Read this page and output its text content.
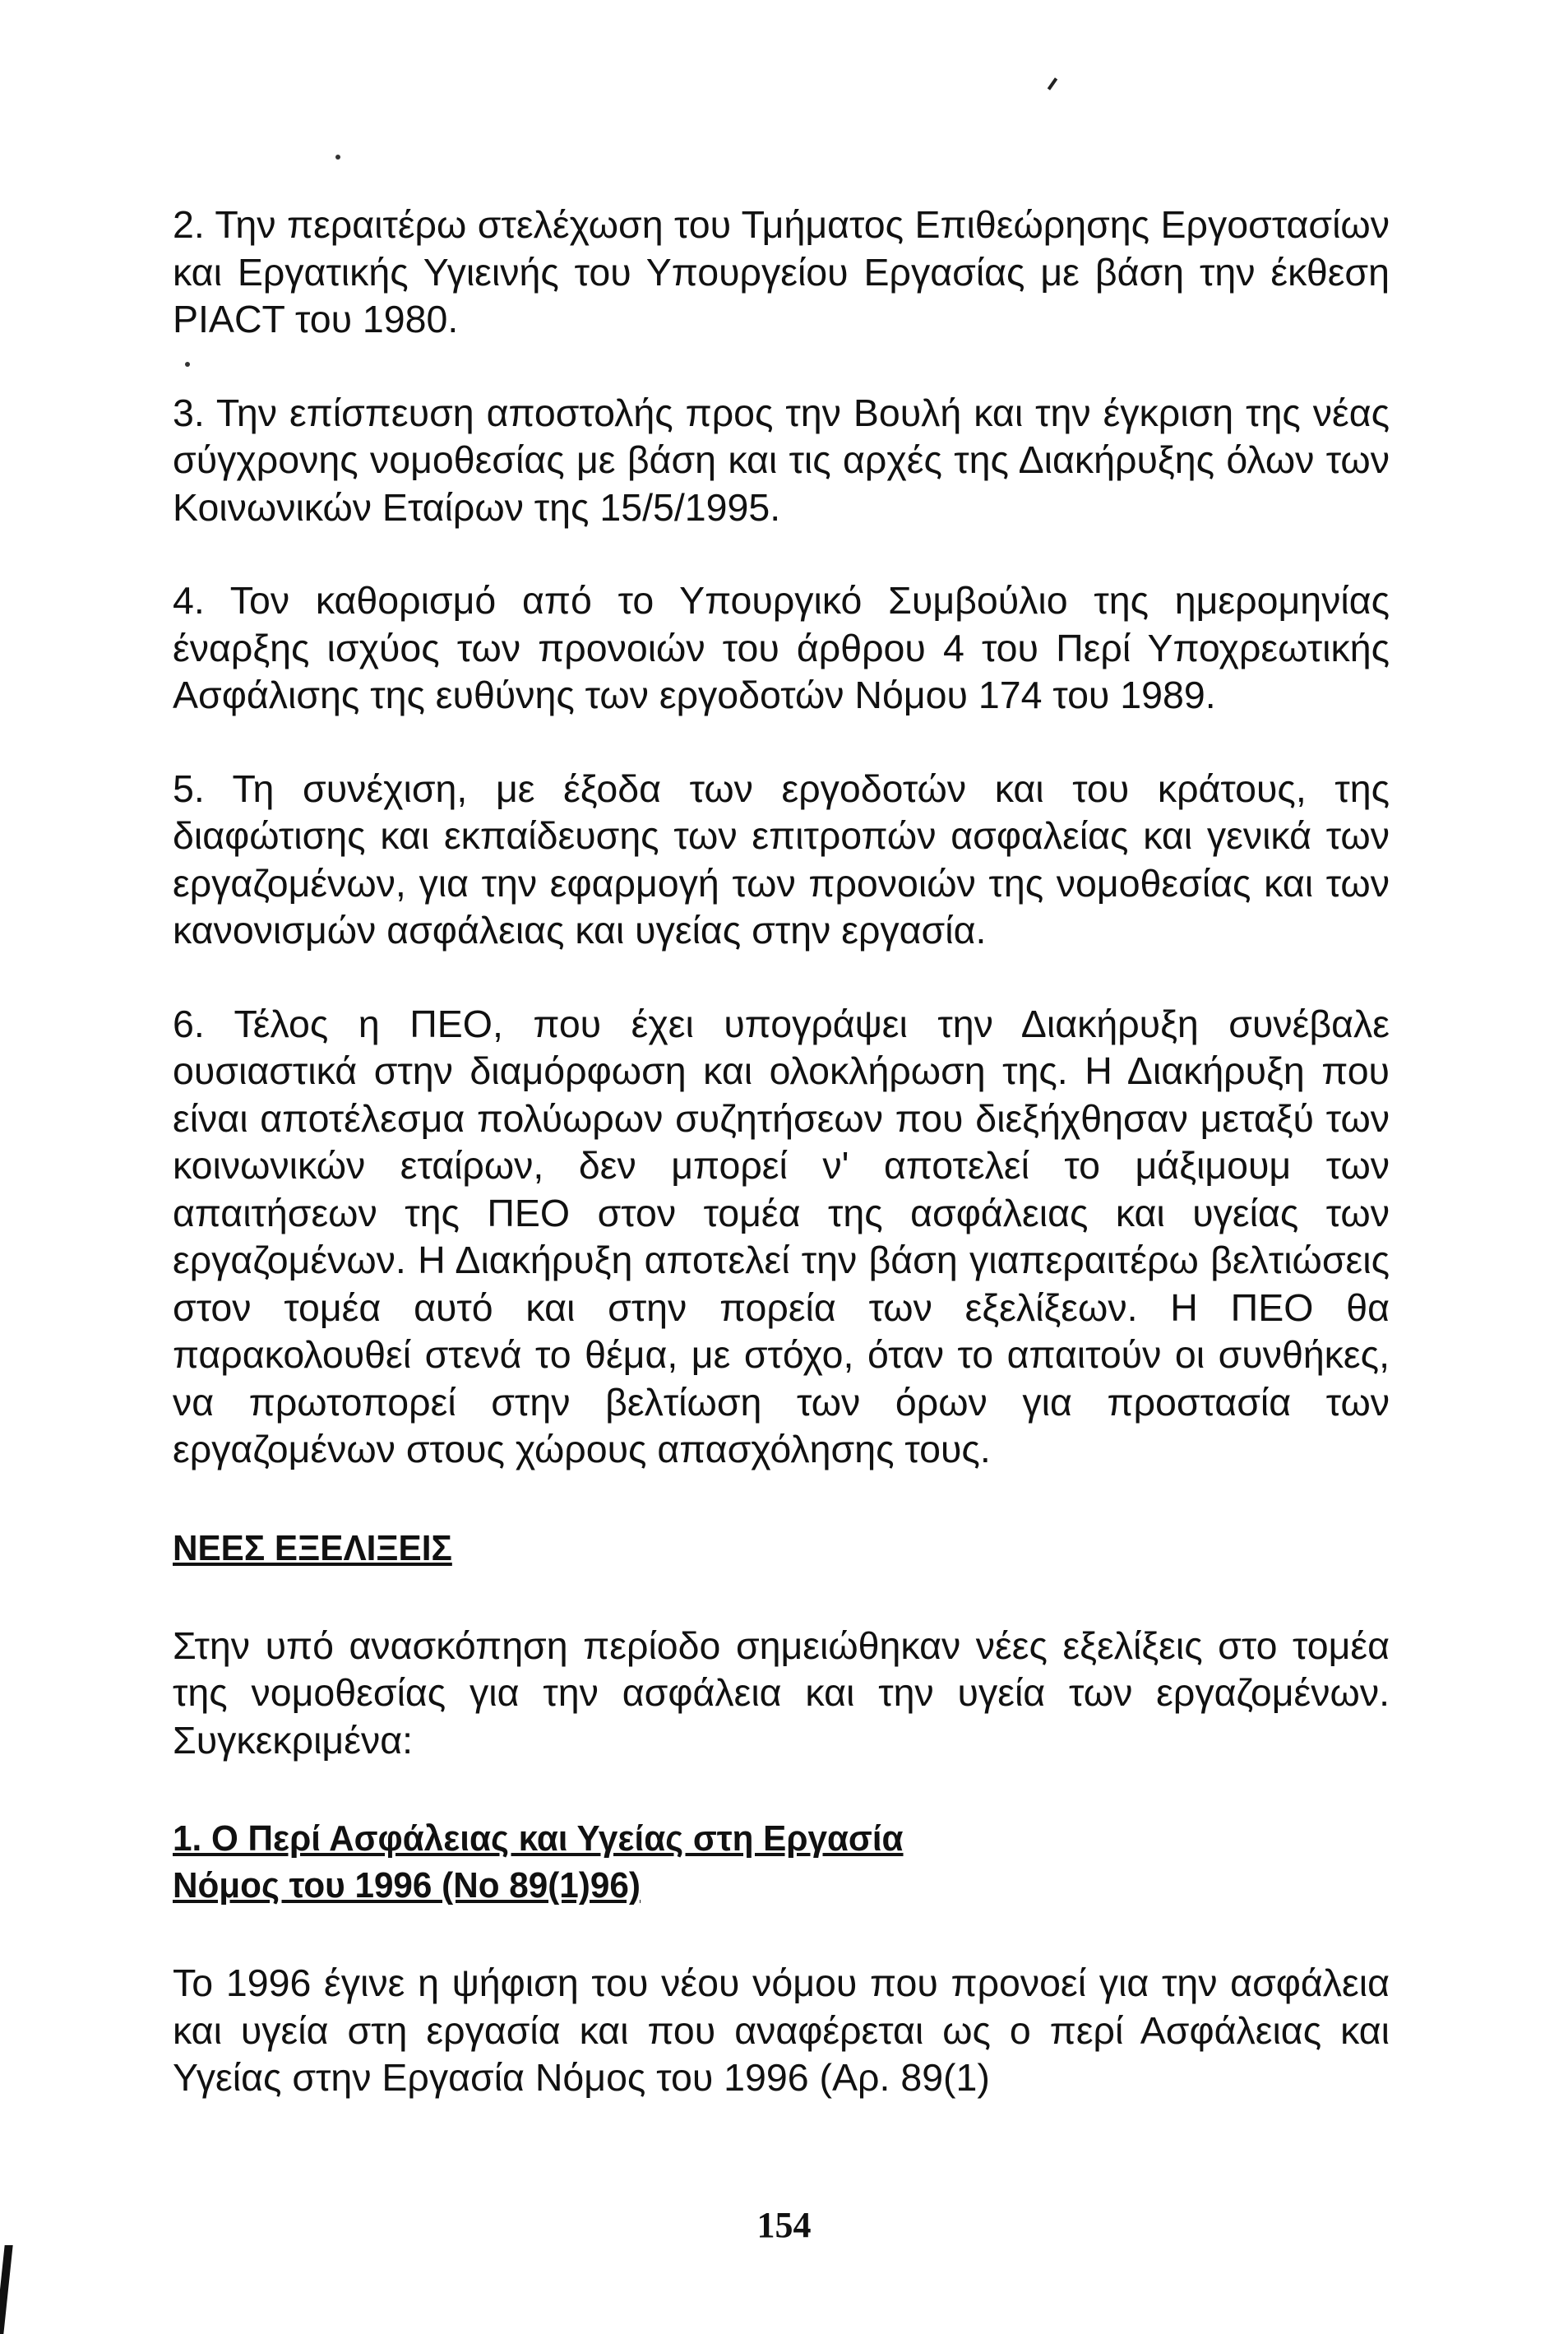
2. Την περαιτέρω στελέχωση του Τμήματος Επιθεώρησης Εργοστασίων και Εργατικής Υγιεινής του Υπουργείου Εργασίας με βάση την έκθεση PIACT του 1980.

3. Την επίσπευση αποστολής προς την Βουλή και την έγκριση της νέας σύγχρονης νομοθεσίας με βάση και τις αρχές της Διακήρυξης όλων των Κοινωνικών Εταίρων της 15/5/1995.

4. Τον καθορισμό από το Υπουργικό Συμβούλιο της ημερομηνίας έναρξης ισχύος των προνοιών του άρθρου 4 του Περί Υποχρεωτικής Ασφάλισης της ευθύνης των εργοδοτών Νόμου 174 του 1989.

5. Τη συνέχιση, με έξοδα των εργοδοτών και του κράτους, της διαφώτισης και εκπαίδευσης των επιτροπών ασφαλείας και γενικά των εργαζομένων, για την εφαρμογή των προνοιών της νομοθεσίας και των κανονισμών ασφάλειας και υγείας στην εργασία.

6. Τέλος η ΠΕΟ, που έχει υπογράψει την Διακήρυξη συνέβαλε ουσιαστικά στην διαμόρφωση και ολοκλήρωση της. Η Διακήρυξη που είναι αποτέλεσμα πολύωρων συζητήσεων που διεξήχθησαν μεταξύ των κοινωνικών εταίρων, δεν μπορεί ν' αποτελεί το μάξιμουμ των απαιτήσεων της ΠΕΟ στον τομέα της ασφάλειας και υγείας των εργαζομένων. Η Διακήρυξη αποτελεί την βάση γιαπεραιτέρω βελτιώσεις στον τομέα αυτό και στην πορεία των εξελίξεων. Η ΠΕΟ θα παρακολουθεί στενά το θέμα, με στόχο, όταν το απαιτούν οι συνθήκες, να πρωτοπορεί στην βελτίωση των όρων για προστασία των εργαζομένων στους χώρους απασχόλησης τους.

ΝΕΕΣ ΕΞΕΛΙΞΕΙΣ

Στην υπό ανασκόπηση περίοδο σημειώθηκαν νέες εξελίξεις στο τομέα της νομοθεσίας για την ασφάλεια και την υγεία των εργαζομένων. Συγκεκριμένα:

1. Ο Περί Ασφάλειας και Υγείας στη Εργασία

Νόμος του 1996 (Νο 89(1)96)

Το 1996 έγινε η ψήφιση του νέου νόμου που προνοεί για την ασφάλεια και υγεία στη εργασία και που αναφέρεται ως ο περί Ασφάλειας και Υγείας στην Εργασία Νόμος του 1996 (Αρ. 89(1)

154
